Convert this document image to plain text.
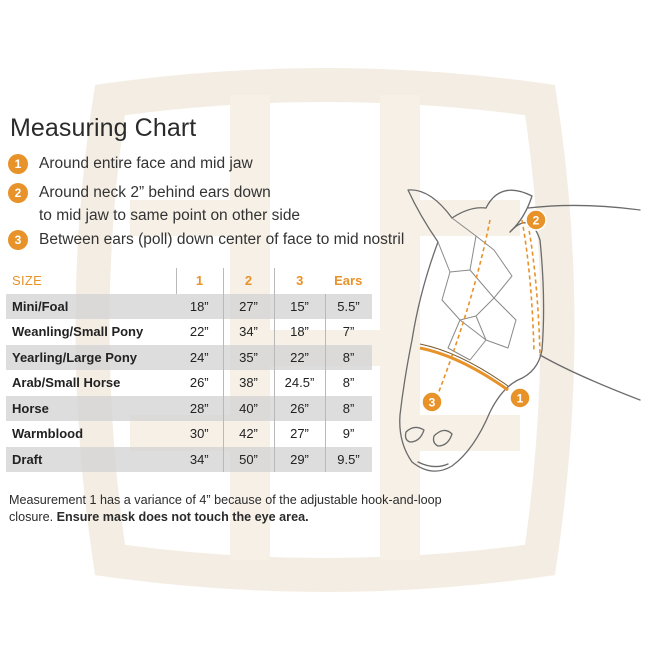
Measuring Chart
1	Around entire face and mid jaw
2	Around neck 2” behind ears down
to mid jaw to same point on other side
3	Between ears (poll) down center of face to mid nostril
SIZE	1	2	3	Ears
Mini/Foal	18”	27”	15”	5.5”
Weanling/Small Pony	22”	34”	18”	7”
Yearling/Large Pony	24”	35”	22”	8”
Arab/Small Horse	26”	38”	24.5”	8”
Horse	28”	40”	26”	8”
Warmblood	30”	42”	27”	9”
Draft	34”	50”	29”	9.5”

Measurement 1 has a variance of 4” because of the adjustable hook-and-loop closure. Ensure mask does not touch the eye area.

2
3	1
